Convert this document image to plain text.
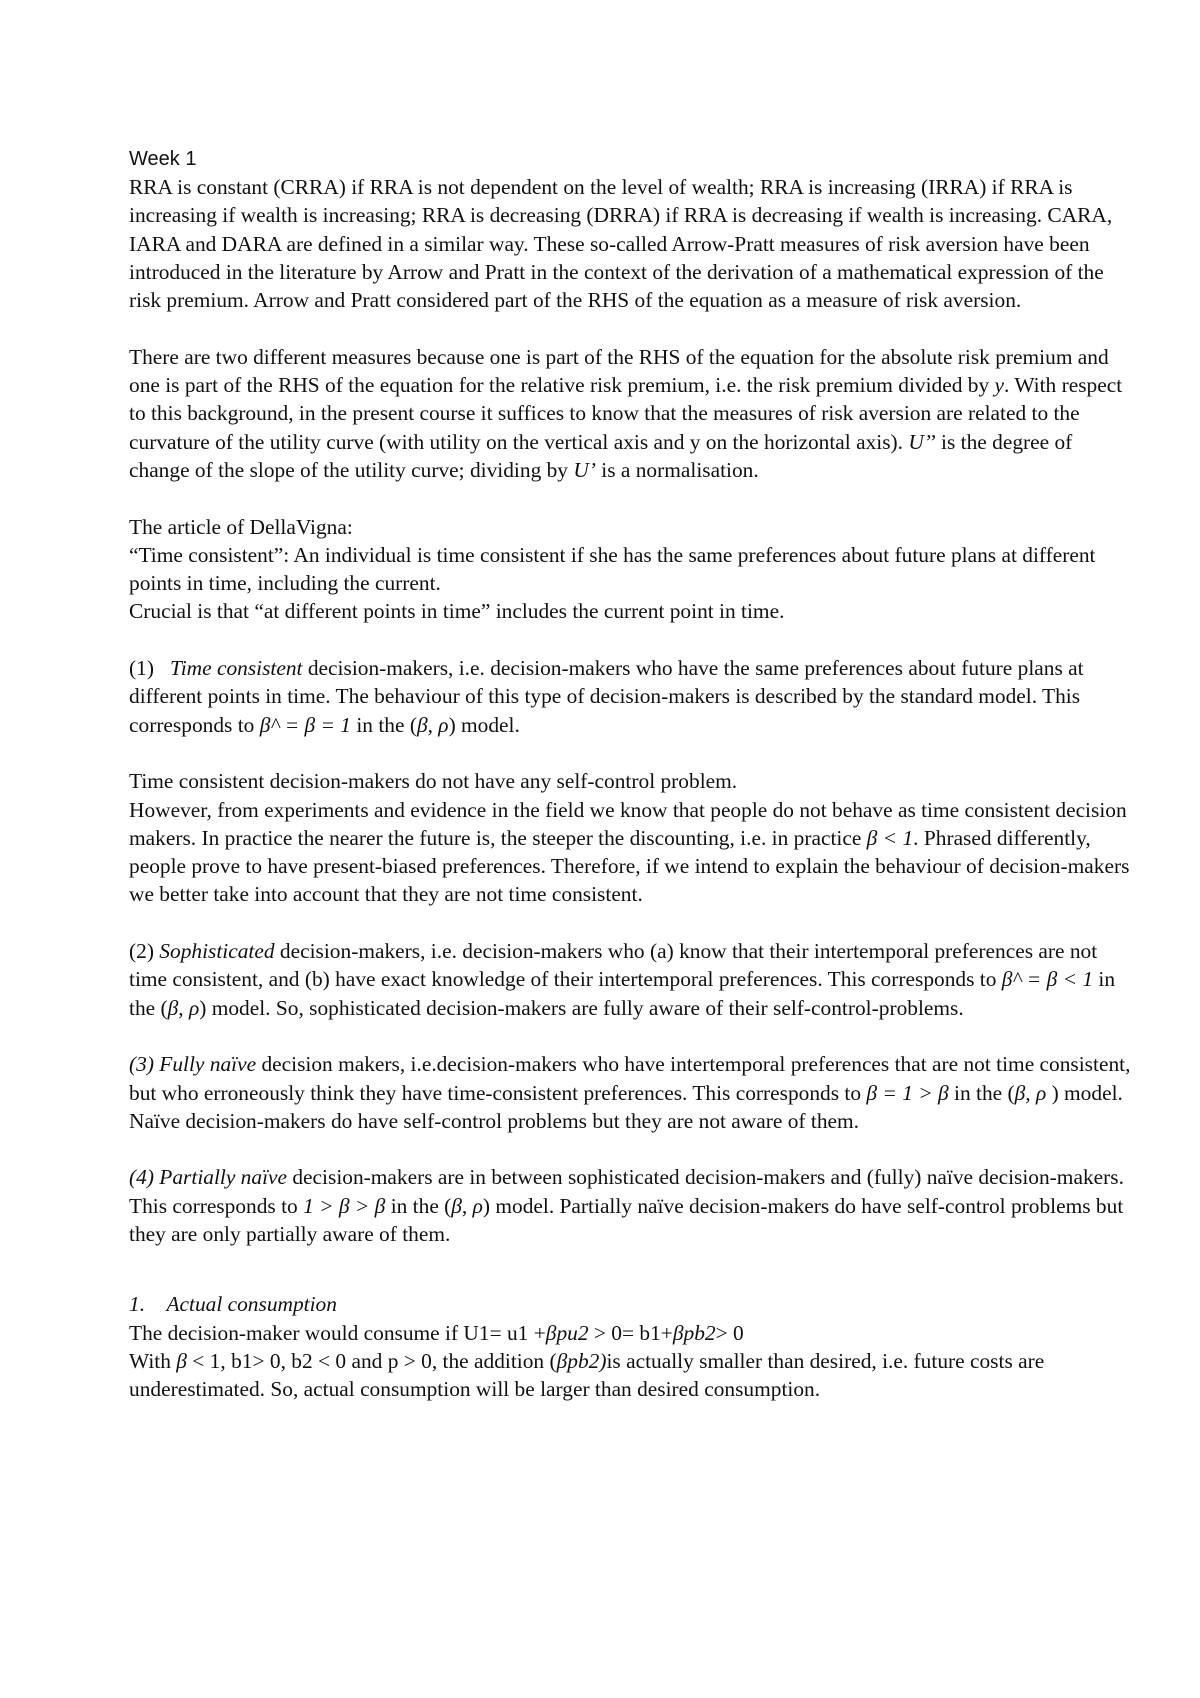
Week 1

RRA is constant (CRRA) if RRA is not dependent on the level of wealth; RRA is increasing (IRRA) if RRA is increasing if wealth is increasing; RRA is decreasing (DRRA) if RRA is decreasing if wealth is increasing. CARA, IARA and DARA are defined in a similar way. These so-called Arrow-Pratt measures of risk aversion have been introduced in the literature by Arrow and Pratt in the context of the derivation of a mathematical expression of the risk premium. Arrow and Pratt considered part of the RHS of the equation as a measure of risk aversion.

There are two different measures because one is part of the RHS of the equation for the absolute risk premium and one is part of the RHS of the equation for the relative risk premium, i.e. the risk premium divided by y. With respect to this background, in the present course it suffices to know that the measures of risk aversion are related to the curvature of the utility curve (with utility on the vertical axis and y on the horizontal axis). U’’ is the degree of change of the slope of the utility curve; dividing by U’ is a normalisation.

The article of DellaVigna:

“Time consistent”: An individual is time consistent if she has the same preferences about future plans at different points in time, including the current.

Crucial is that “at different points in time” includes the current point in time.

(1) Time consistent decision-makers, i.e. decision-makers who have the same preferences about future plans at different points in time. The behaviour of this type of decision-makers is described by the standard model. This corresponds to β^ = β = 1 in the (β, ρ) model.

Time consistent decision-makers do not have any self-control problem.

However, from experiments and evidence in the field we know that people do not behave as time consistent decision makers. In practice the nearer the future is, the steeper the discounting, i.e. in practice β < 1. Phrased differently, people prove to have present-biased preferences. Therefore, if we intend to explain the behaviour of decision-makers we better take into account that they are not time consistent.

(2) Sophisticated decision-makers, i.e. decision-makers who (a) know that their intertemporal preferences are not time consistent, and (b) have exact knowledge of their intertemporal preferences. This corresponds to β^ = β < 1 in the (β, ρ) model. So, sophisticated decision-makers are fully aware of their self-control-problems.

(3) Fully naïve decision makers, i.e.decision-makers who have intertemporal preferences that are not time consistent, but who erroneously think they have time-consistent preferences. This corresponds to β = 1 > β in the (β, ρ ) model. Naïve decision-makers do have self-control problems but they are not aware of them.

(4) Partially naïve decision-makers are in between sophisticated decision-makers and (fully) naïve decision-makers. This corresponds to 1 > β > β in the (β, ρ) model. Partially naïve decision-makers do have self-control problems but they are only partially aware of them.

1. Actual consumption

The decision-maker would consume if U1= u1 +βpu2 > 0= b1+βpb2> 0

With β < 1, b1> 0, b2 < 0 and p > 0, the addition (βpb2)is actually smaller than desired, i.e. future costs are underestimated. So, actual consumption will be larger than desired consumption.
